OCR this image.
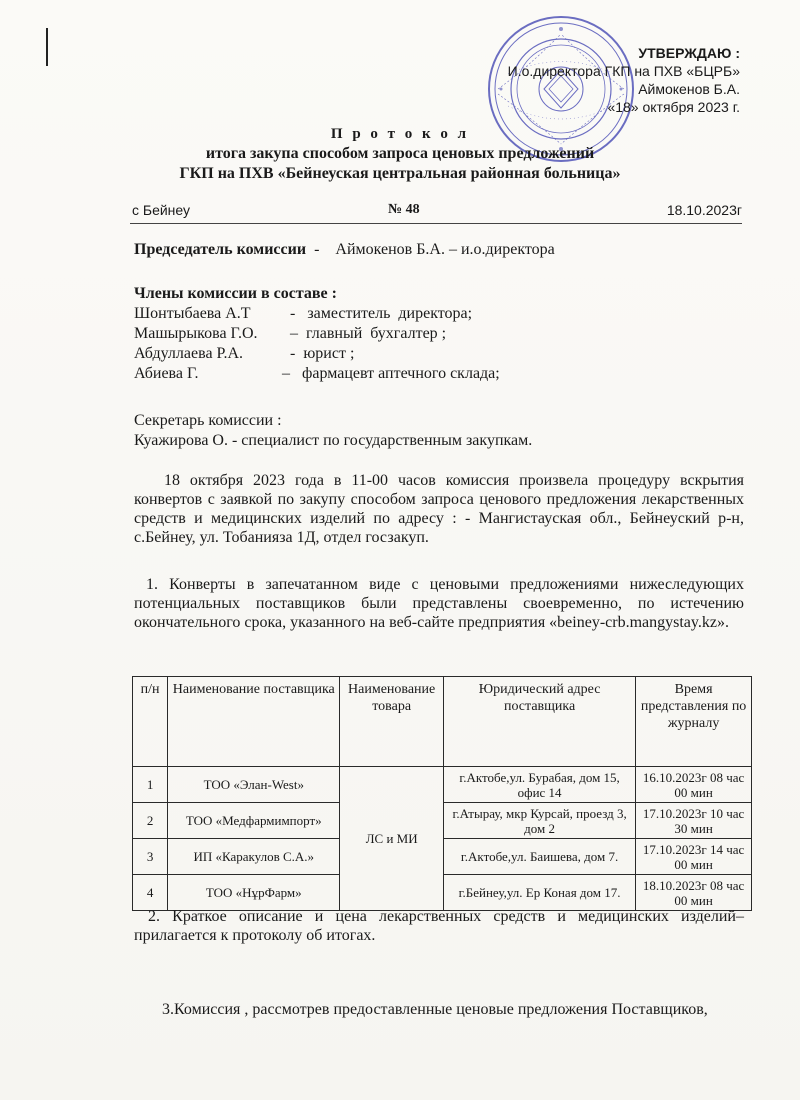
УТВЕРЖДАЮ :
И.о.директора ГКП на ПХВ «БЦРБ»
Аймокенов Б.А.
«18» октября 2023 г.
П р о т о к о л
итога закупа способом запроса ценовых предложений
ГКП на ПХВ «Бейнеуская центральная районная больница»
с Бейнеу	№ 48	18.10.2023г
Председатель комиссии  -    Аймокенов Б.А. – и.о.директора
Члены комиссии в составе :
Шонтыбаева А.Т -   заместитель  директора;
Машырыкова Г.О. –  главный  бухгалтер ;
Абдуллаева Р.А. -  юрист ;
Абиева Г.	–   фармацевт аптечного склада;
Секретарь комиссии :
Куажирова О. - специалист по государственным закупкам.
18 октября 2023 года в 11-00 часов комиссия произвела процедуру вскрытия конвертов с заявкой по закупу способом запроса ценового предложения лекарственных средств и медицинских изделий по адресу : - Мангистауская обл., Бейнеуский р-н, с.Бейнеу, ул. Тобанияза 1Д, отдел госзакуп.
1. Конверты в запечатанном виде с ценовыми предложениями нижеследующих потенциальных поставщиков были представлены своевременно, по истечению окончательного срока, указанного на веб-сайте предприятия «beiney-crb.mangystay.kz».
п/н	Наименование поставщика	Наименование товара	Юридический адрес поставщика	Время представления по журналу
1	ТОО «Элан-West»	ЛС и МИ	г.Актобе,ул. Бурабая, дом 15, офис 14	16.10.2023г 08 час 00 мин
2	ТОО «Медфармимпорт»		г.Атырау, мкр Курсай, проезд 3, дом 2	17.10.2023г 10 час 30 мин
3	ИП «Каракулов С.А.»		г.Актобе,ул. Баишева, дом 7.	17.10.2023г 14 час 00 мин
4	ТОО «НұрФарм»		г.Бейнеу,ул. Ер Коная дом 17.	18.10.2023г 08 час 00 мин
2. Краткое описание и цена лекарственных средств и медицинских изделий– прилагается к протоколу об итогах.
3.Комиссия , рассмотрев предоставленные ценовые предложения Поставщиков,
